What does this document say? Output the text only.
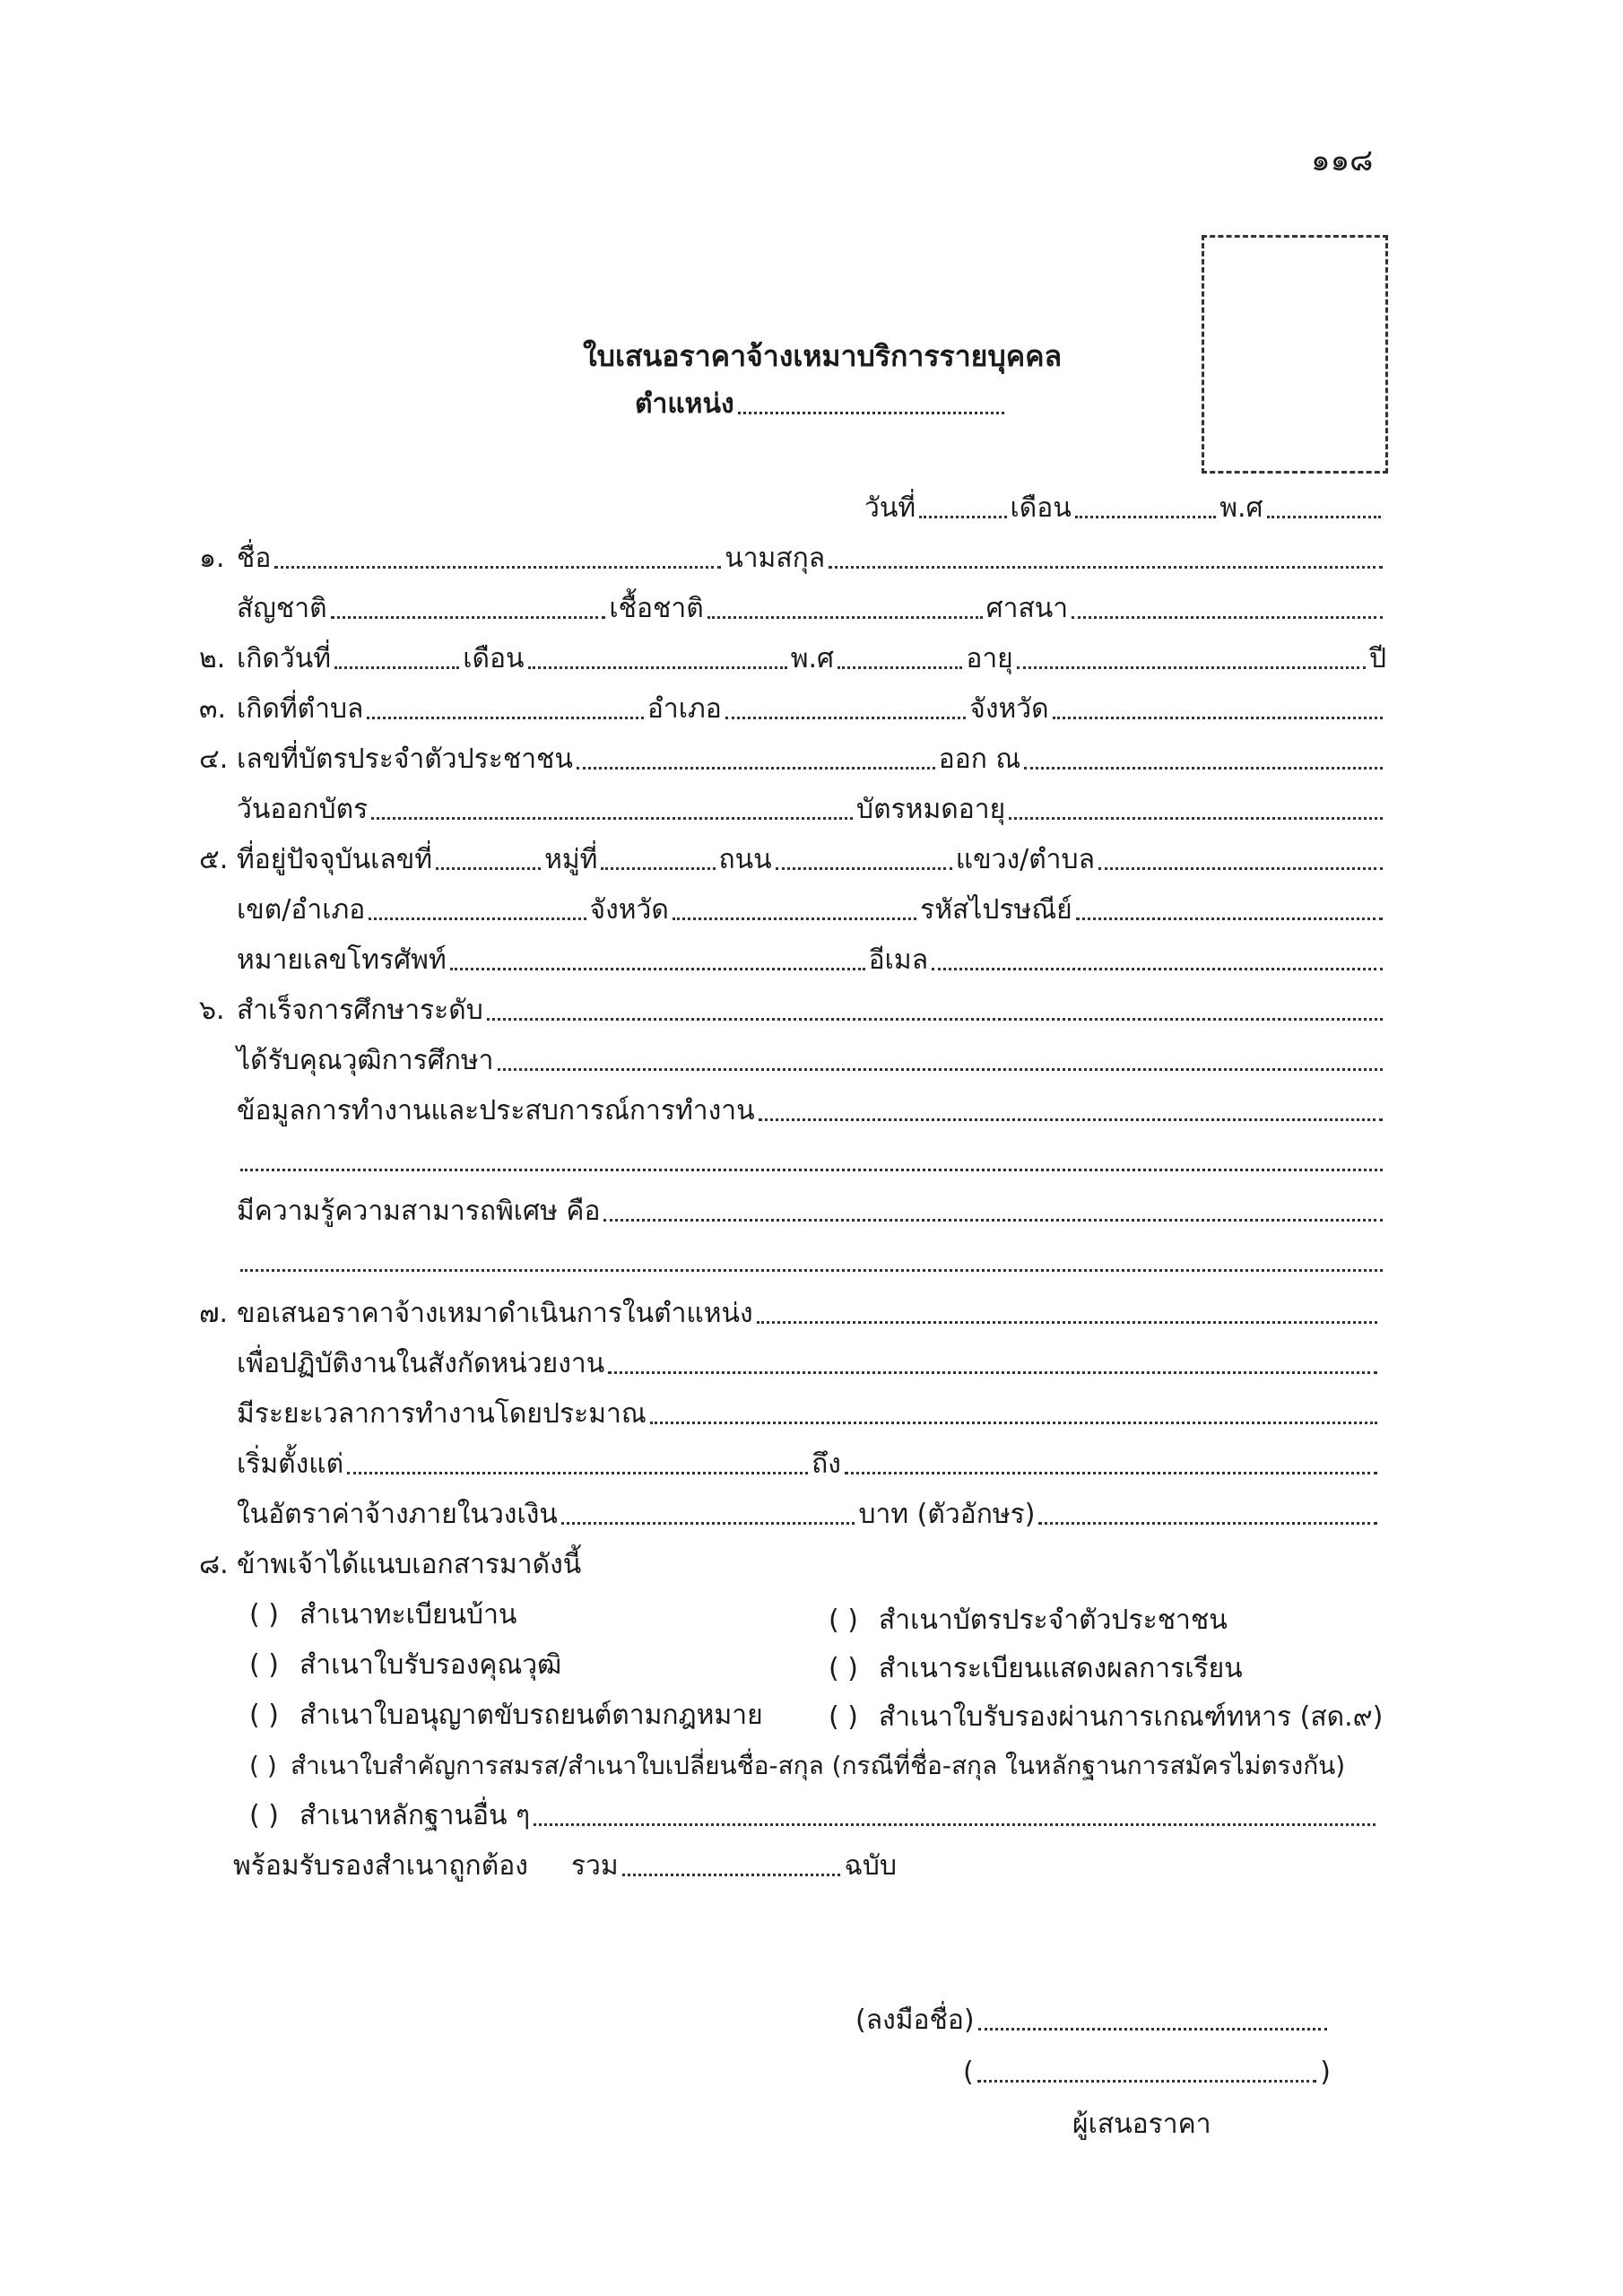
๑๑๘
ใบเสนอราคาจ้างเหมาบริการรายบุคคล
ตำแหน่ง
วันที่	เดือน	พ.ศ
๑. ชื่อ	นามสกุล
สัญชาติ	เชื้อชาติ	ศาสนา
๒. เกิดวันที่	เดือน	พ.ศ	อายุ	ปี
๓. เกิดที่ตำบล	อำเภอ	จังหวัด
๔. เลขที่บัตรประจำตัวประชาชน	ออก ณ
วันออกบัตร	บัตรหมดอายุ
๕. ที่อยู่ปัจจุบันเลขที่	หมู่ที่	ถนน	แขวง/ตำบล
เขต/อำเภอ	จังหวัด	รหัสไปรษณีย์
หมายเลขโทรศัพท์	อีเมล
๖. สำเร็จการศึกษาระดับ
ได้รับคุณวุฒิการศึกษา
ข้อมูลการทำงานและประสบการณ์การทำงาน
มีความรู้ความสามารถพิเศษ คือ
๗. ขอเสนอราคาจ้างเหมาดำเนินการในตำแหน่ง
เพื่อปฏิบัติงานในสังกัดหน่วยงาน
มีระยะเวลาการทำงานโดยประมาณ
เริ่มตั้งแต่	ถึง
ในอัตราค่าจ้างภายในวงเงิน	บาท (ตัวอักษร)
๘. ข้าพเจ้าได้แนบเอกสารมาดังนี้
( ) สำเนาทะเบียนบ้าน	( ) สำเนาบัตรประจำตัวประชาชน
( ) สำเนาใบรับรองคุณวุฒิ	( ) สำเนาระเบียนแสดงผลการเรียน
( ) สำเนาใบอนุญาตขับรถยนต์ตามกฎหมาย ( ) สำเนาใบรับรองผ่านการเกณฑ์ทหาร (สด.๙)
( ) สำเนาใบสำคัญการสมรส/สำเนาใบเปลี่ยนชื่อ-สกุล (กรณีที่ชื่อ-สกุล ในหลักฐานการสมัครไม่ตรงกัน)
( ) สำเนาหลักฐานอื่น ๆ
พร้อมรับรองสำเนาถูกต้อง รวม	ฉบับ
(ลงมือชื่อ)
(	)
ผู้เสนอราคา
